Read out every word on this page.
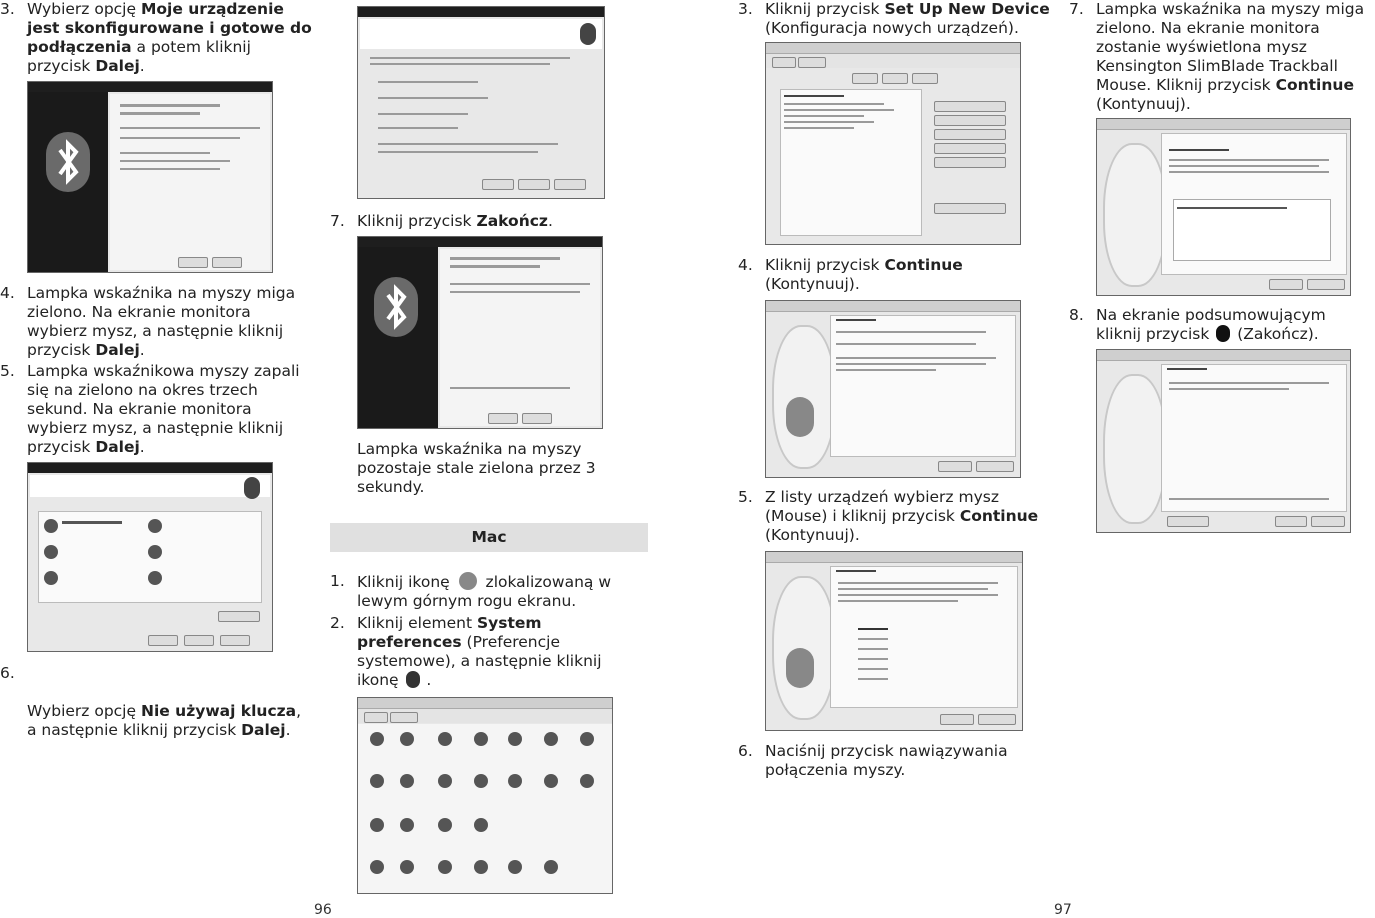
3. Wybierz opcję Moje urządzenie jest skonfigurowane i gotowe do podłączenia a potem kliknij przycisk Dalej.

4. Lampka wskaźnika na myszy miga zielono. Na ekranie monitora wybierz mysz, a następnie kliknij przycisk Dalej.

5. Lampka wskaźnikowa myszy zapali się na zielono na okres trzech sekund. Na ekranie monitora wybierz mysz, a następnie kliknij przycisk Dalej.

6.

Wybierz opcję Nie używaj klucza,
a następnie kliknij przycisk Dalej.

7. Kliknij przycisk Zakończ.

Lampka wskaźnika na myszy pozostaje stale zielona przez 3 sekundy.

Mac

1. Kliknij ikonę  zlokalizowaną w lewym górnym rogu ekranu.

2. Kliknij element System preferences (Preferencje systemowe), a następnie kliknij ikonę  .

96

3. Kliknij przycisk Set Up New Device (Konfiguracja nowych urządzeń).

4. Kliknij przycisk Continue (Kontynuuj).

5. Z listy urządzeń wybierz mysz (Mouse) i kliknij przycisk Continue (Kontynuuj).

6. Naciśnij przycisk nawiązywania połączenia myszy.

7. Lampka wskaźnika na myszy miga zielono. Na ekranie monitora zostanie wyświetlona mysz Kensington SlimBlade Trackball Mouse. Kliknij przycisk Continue (Kontynuuj).

8. Na ekranie podsumowującym kliknij przycisk  (Zakończ).

97
